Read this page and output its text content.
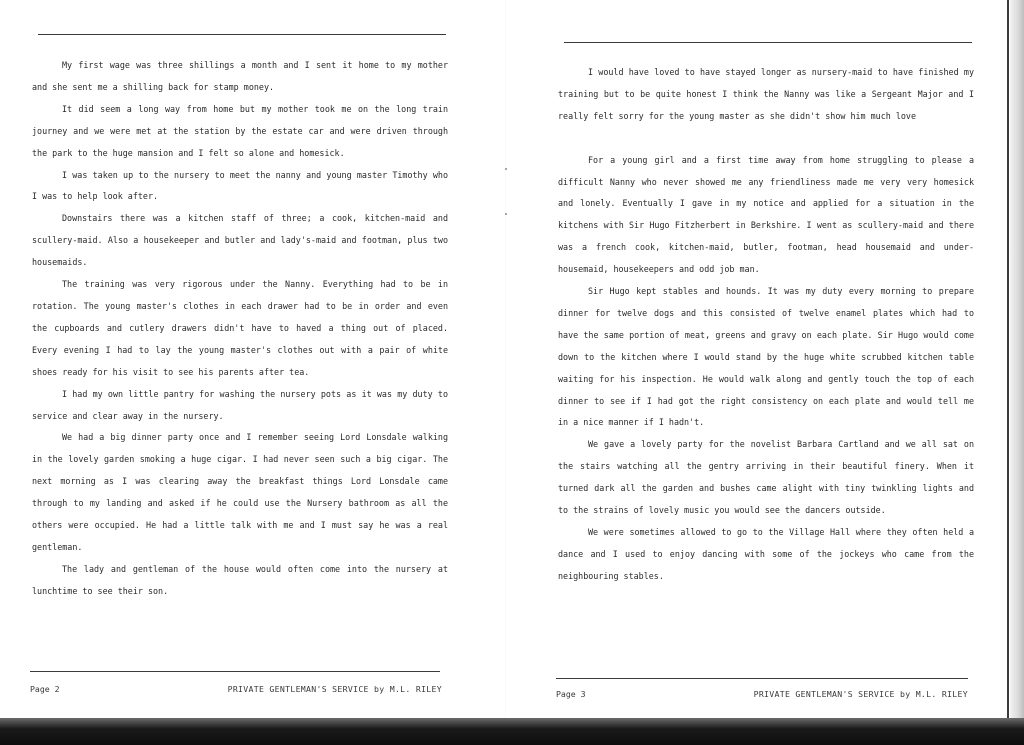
My first wage was three shillings a month and I sent it home to my mother and she sent me a shilling back for stamp money.

It did seem a long way from home but my mother took me on the long train journey and we were met at the station by the estate car and were driven through the park to the huge mansion and I felt so alone and homesick.

I was taken up to the nursery to meet the nanny and young master Timothy who I was to help look after.

Downstairs there was a kitchen staff of three; a cook, kitchen-maid and scullery-maid. Also a housekeeper and butler and lady's-maid and footman, plus two housemaids.

The training was very rigorous under the Nanny. Everything had to be in rotation. The young master's clothes in each drawer had to be in order and even the cupboards and cutlery drawers didn't have to haved a thing out of placed. Every evening I had to lay the young master's clothes out with a pair of white shoes ready for his visit to see his parents after tea.

I had my own little pantry for washing the nursery pots as it was my duty to service and clear away in the nursery.

We had a big dinner party once and I remember seeing Lord Lonsdale walking in the lovely garden smoking a huge cigar. I had never seen such a big cigar. The next morning as I was clearing away the breakfast things Lord Lonsdale came through to my landing and asked if he could use the Nursery bathroom as all the others were occupied. He had a little talk with me and I must say he was a real gentleman.

The lady and gentleman of the house would often come into the nursery at lunchtime to see their son.

Page 2	PRIVATE GENTLEMAN'S SERVICE by M.L. RILEY

I would have loved to have stayed longer as nursery-maid to have finished my training but to be quite honest I think the Nanny was like a Sergeant Major and I really felt sorry for the young master as she didn't show him much love

For a young girl and a first time away from home struggling to please a difficult Nanny who never showed me any friendliness made me very very homesick and lonely. Eventually I gave in my notice and applied for a situation in the kitchens with Sir Hugo Fitzherbert in Berkshire. I went as scullery-maid and there was a french cook, kitchen-maid, butler, footman, head housemaid and under-housemaid, housekeepers and odd job man.

Sir Hugo kept stables and hounds. It was my duty every morning to prepare dinner for twelve dogs and this consisted of twelve enamel plates which had to have the same portion of meat, greens and gravy on each plate. Sir Hugo would come down to the kitchen where I would stand by the huge white scrubbed kitchen table waiting for his inspection. He would walk along and gently touch the top of each dinner to see if I had got the right consistency on each plate and would tell me in a nice manner if I hadn't.

We gave a lovely party for the novelist Barbara Cartland and we all sat on the stairs watching all the gentry arriving in their beautiful finery. When it turned dark all the garden and bushes came alight with tiny twinkling lights and to the strains of lovely music you would see the dancers outside.

We were sometimes allowed to go to the Village Hall where they often held a dance and I used to enjoy dancing with some of the jockeys who came from the neighbouring stables.

Page 3	PRIVATE GENTLEMAN'S SERVICE by M.L. RILEY
